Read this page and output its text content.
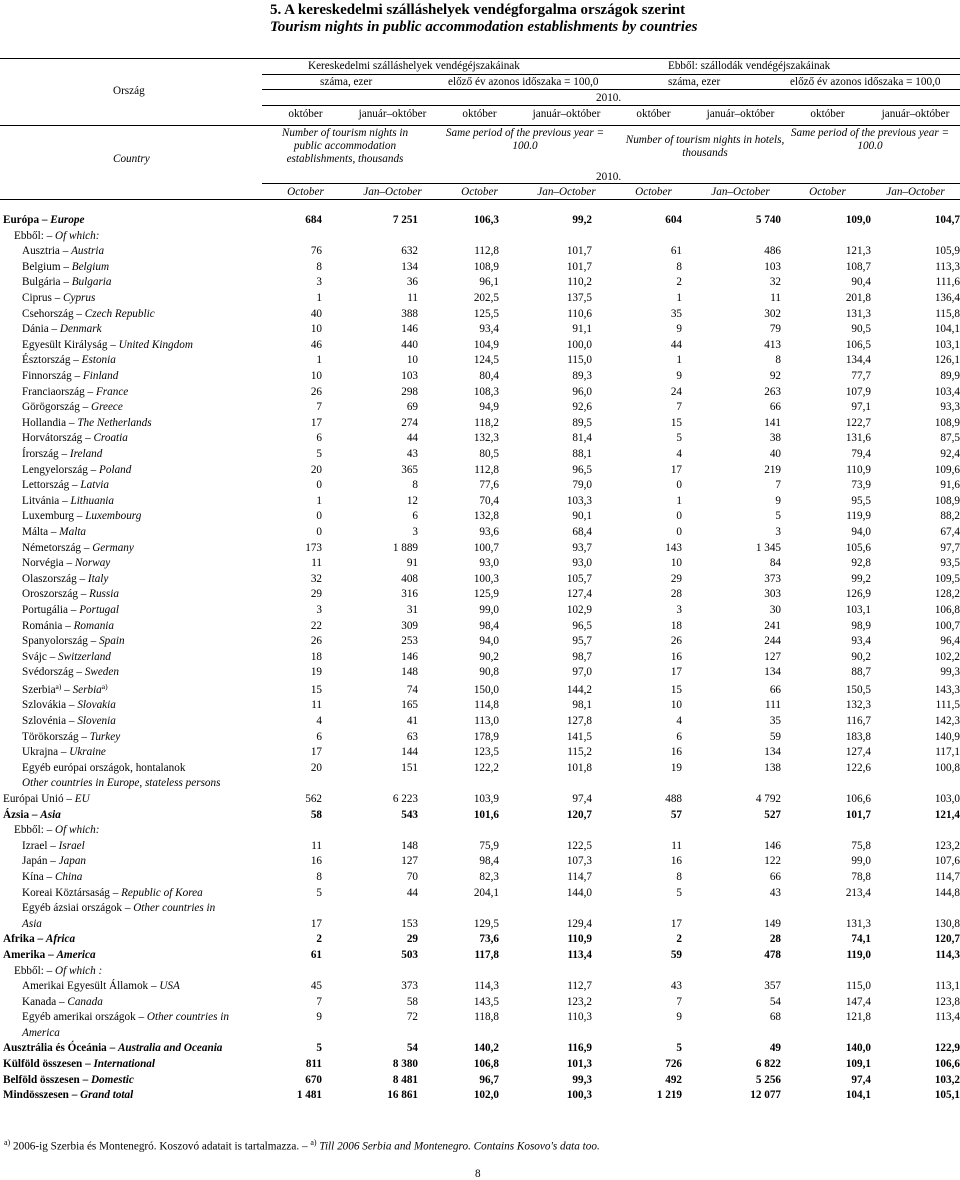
5. A kereskedelmi szálláshelyek vendégforgalma országok szerint
Tourism nights in public accommodation establishments by countries
Ország
Country
Kereskedelmi szálláshelyek vendégéjszakáinak	Ebből: szállodák vendégéjszakáinak
száma, ezer	előző év azonos időszaka = 100,0	száma, ezer	előző év azonos időszaka = 100,0
2010.
október	január–október	október	január–október	október	január–október	október	január–október
Number of tourism nights in public accommodation establishments, thousands
Same period of the previous year = 100.0	Number of tourism nights in hotels, thousands
Same period of the previous year = 100.0
2010.
October	Jan–October	October	Jan–October	October	Jan–October	October	Jan–October
Európa – Europe	684	7 251	106,3	99,2	604	5 740	109,0	104,7
Ebből: – Of which:								
Ausztria – Austria	76	632	112,8	101,7	61	486	121,3	105,9
Belgium – Belgium	8	134	108,9	101,7	8	103	108,7	113,3
Bulgária – Bulgaria	3	36	96,1	110,2	2	32	90,4	111,6
Ciprus – Cyprus	1	11	202,5	137,5	1	11	201,8	136,4
Csehország – Czech Republic	40	388	125,5	110,6	35	302	131,3	115,8
Dánia – Denmark	10	146	93,4	91,1	9	79	90,5	104,1
Egyesült Királyság – United Kingdom	46	440	104,9	100,0	44	413	106,5	103,1
Észtország – Estonia	1	10	124,5	115,0	1	8	134,4	126,1
Finnország – Finland	10	103	80,4	89,3	9	92	77,7	89,9
Franciaország – France	26	298	108,3	96,0	24	263	107,9	103,4
Görögország – Greece	7	69	94,9	92,6	7	66	97,1	93,3
Hollandia – The Netherlands	17	274	118,2	89,5	15	141	122,7	108,9
Horvátország – Croatia	6	44	132,3	81,4	5	38	131,6	87,5
Írország – Ireland	5	43	80,5	88,1	4	40	79,4	92,4
Lengyelország – Poland	20	365	112,8	96,5	17	219	110,9	109,6
Lettország – Latvia	0	8	77,6	79,0	0	7	73,9	91,6
Litvánia – Lithuania	1	12	70,4	103,3	1	9	95,5	108,9
Luxemburg – Luxembourg	0	6	132,8	90,1	0	5	119,9	88,2
Málta – Malta	0	3	93,6	68,4	0	3	94,0	67,4
Németország – Germany	173	1 889	100,7	93,7	143	1 345	105,6	97,7
Norvégia – Norway	11	91	93,0	93,0	10	84	92,8	93,5
Olaszország – Italy	32	408	100,3	105,7	29	373	99,2	109,5
Oroszország – Russia	29	316	125,9	127,4	28	303	126,9	128,2
Portugália – Portugal	3	31	99,0	102,9	3	30	103,1	106,8
Románia – Romania	22	309	98,4	96,5	18	241	98,9	100,7
Spanyolország – Spain	26	253	94,0	95,7	26	244	93,4	96,4
Svájc – Switzerland	18	146	90,2	98,7	16	127	90,2	102,2
Svédország – Sweden	19	148	90,8	97,0	17	134	88,7	99,3
Szerbia$^{a)}$ – Serbia$^{a)}$	15	74	150,0	144,2	15	66	150,5	143,3
Szlovákia – Slovakia	11	165	114,8	98,1	10	111	132,3	111,5
Szlovénia – Slovenia	4	41	113,0	127,8	4	35	116,7	142,3
Törökország – Turkey	6	63	178,9	141,5	6	59	183,8	140,9
Ukrajna – Ukraine	17	144	123,5	115,2	16	134	127,4	117,1
Egyéb európai országok, hontalanok	20	151	122,2	101,8	19	138	122,6	100,8
Other countries in Europe, stateless persons								
Európai Unió – EU	562	6 223	103,9	97,4	488	4 792	106,6	103,0
Ázsia – Asia	58	543	101,6	120,7	57	527	101,7	121,4
Ebből: – Of which:								
Izrael – Israel	11	148	75,9	122,5	11	146	75,8	123,2
Japán – Japan	16	127	98,4	107,3	16	122	99,0	107,6
Kína – China	8	70	82,3	114,7	8	66	78,8	114,7
Koreai Köztársaság – Republic of Korea	5	44	204,1	144,0	5	43	213,4	144,8
Egyéb ázsiai országok – Other countries in								
Asia	17	153	129,5	129,4	17	149	131,3	130,8
Afrika – Africa	2	29	73,6	110,9	2	28	74,1	120,7
Amerika – America	61	503	117,8	113,4	59	478	119,0	114,3
Ebből: – Of which :								
Amerikai Egyesült Államok – USA	45	373	114,3	112,7	43	357	115,0	113,1
Kanada – Canada	7	58	143,5	123,2	7	54	147,4	123,8
Egyéb amerikai országok – Other countries in	9	72	118,8	110,3	9	68	121,8	113,4
America								
Ausztrália és Óceánia – Australia and Oceania	5	54	140,2	116,9	5	49	140,0	122,9
Külföld összesen – International	811	8 380	106,8	101,3	726	6 822	109,1	106,6
Belföld összesen – Domestic	670	8 481	96,7	99,3	492	5 256	97,4	103,2
Mindösszesen – Grand total	1 481	16 861	102,0	100,3	1 219	12 077	104,1	105,1
$^{a)}$ 2006-ig Szerbia és Montenegró. Koszovó adatait is tartalmazza. – $^{a)}$ Till 2006 Serbia and Montenegro. Contains Kosovo's data too.
8
